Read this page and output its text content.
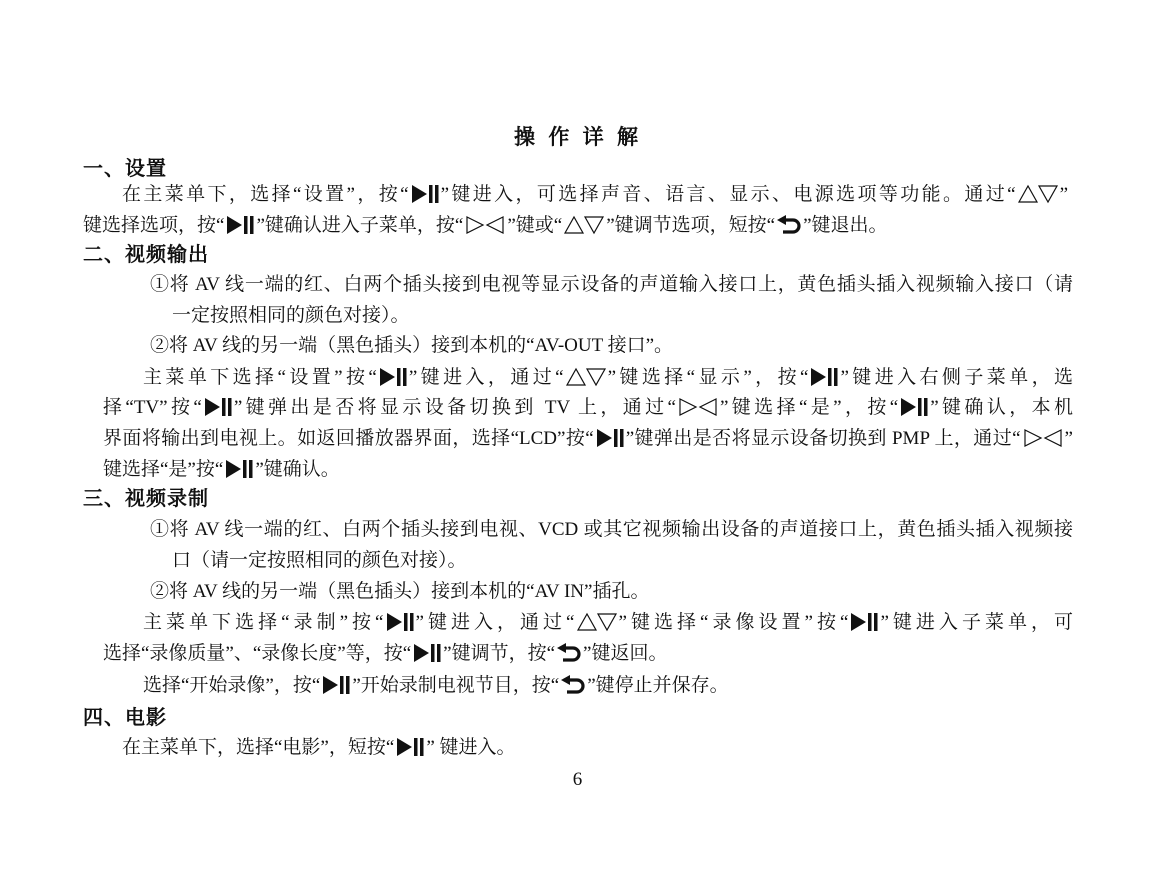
操 作 详 解
一、设置
在主菜单下，选择“设置”，按“ ”键进入，可选择声音、语言、显示、电源选项等功能。通过“ ”
键选择选项，按“ ”键确认进入子菜单，按“ ”键或“ ”键调节选项，短按“ ”键退出。
二、视频输出
①将 AV 线一端的红、白两个插头接到电视等显示设备的声道输入接口上，黄色插头插入视频输入接口（请
一定按照相同的颜色对接）。
②将 AV 线的另一端（黑色插头）接到本机的“AV-OUT 接口”。
主菜单下选择“设置”按“ ”键进入，通过“ ”键选择“显示”，按“ ”键进入右侧子菜单，选
择“TV”按“ ”键弹出是否将显示设备切换到 TV 上，通过“ ”键选择“是”，按“ ”键确认，本机
界面将输出到电视上。如返回播放器界面，选择“LCD”按“ ”键弹出是否将显示设备切换到 PMP 上，通过“ ”
键选择“是”按“ ”键确认。
三、视频录制
①将 AV 线一端的红、白两个插头接到电视、VCD 或其它视频输出设备的声道接口上，黄色插头插入视频接
口（请一定按照相同的颜色对接）。
②将 AV 线的另一端（黑色插头）接到本机的“AV IN”插孔。
主菜单下选择“录制”按“ ”键进入，通过“ ”键选择“录像设置”按“ ”键进入子菜单，可
选择“录像质量”、“录像长度”等，按“ ”键调节，按“ ”键返回。
选择“开始录像”，按“ ”开始录制电视节目，按“ ”键停止并保存。
四、电影
在主菜单下，选择“电影”，短按“ ” 键进入。
6
